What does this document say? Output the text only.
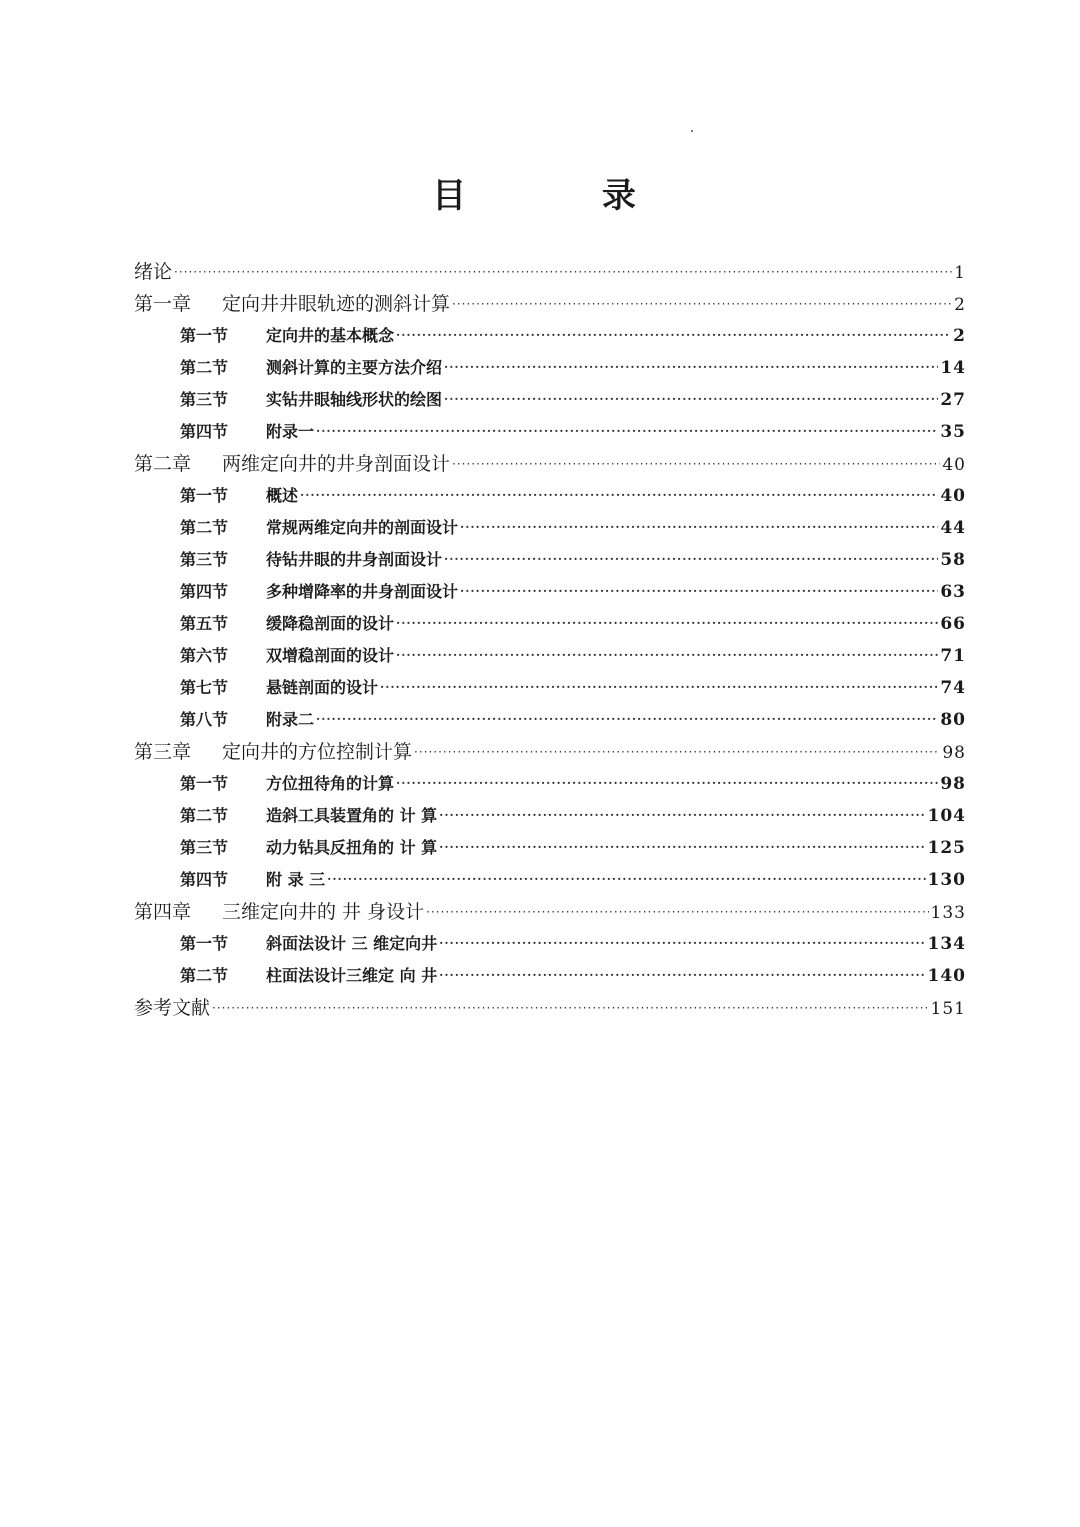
目 录
绪论 ·····	1
第一章 定向井井眼轨迹的测斜计算 ·····	2
第一节 定向井的基本概念 ·····	2
第二节 测斜计算的主要方法介绍 ·····	14
第三节 实钻井眼轴线形状的绘图 ·····	27
第四节 附录一 ·····	35
第二章 两维定向井的井身剖面设计 ·····	40
第一节 概述 ·····	40
第二节 常规两维定向井的剖面设计 ·····	44
第三节 待钻井眼的井身剖面设计 ·····	58
第四节 多种增降率的井身剖面设计 ·····	63
第五节 缓降稳剖面的设计 ·····	66
第六节 双增稳剖面的设计 ·····	71
第七节 悬链剖面的设计 ·····	74
第八节 附录二 ·····	80
第三章 定向井的方位控制计算 ·····	98
第一节 方位扭待角的计算 ·····	98
第二节 造斜工具装置角的 计 算 ·····	104
第三节 动力钻具反扭角的 计 算 ·····	125
第四节 附 录 三 ·····	130
第四章 三维定向井的 井 身设计 ·····	133
第一节 斜面法设计 三 维定向井 ·····	134
第二节 柱面法设计三维定 向 井 ·····	140
参考文献 ·····	151
